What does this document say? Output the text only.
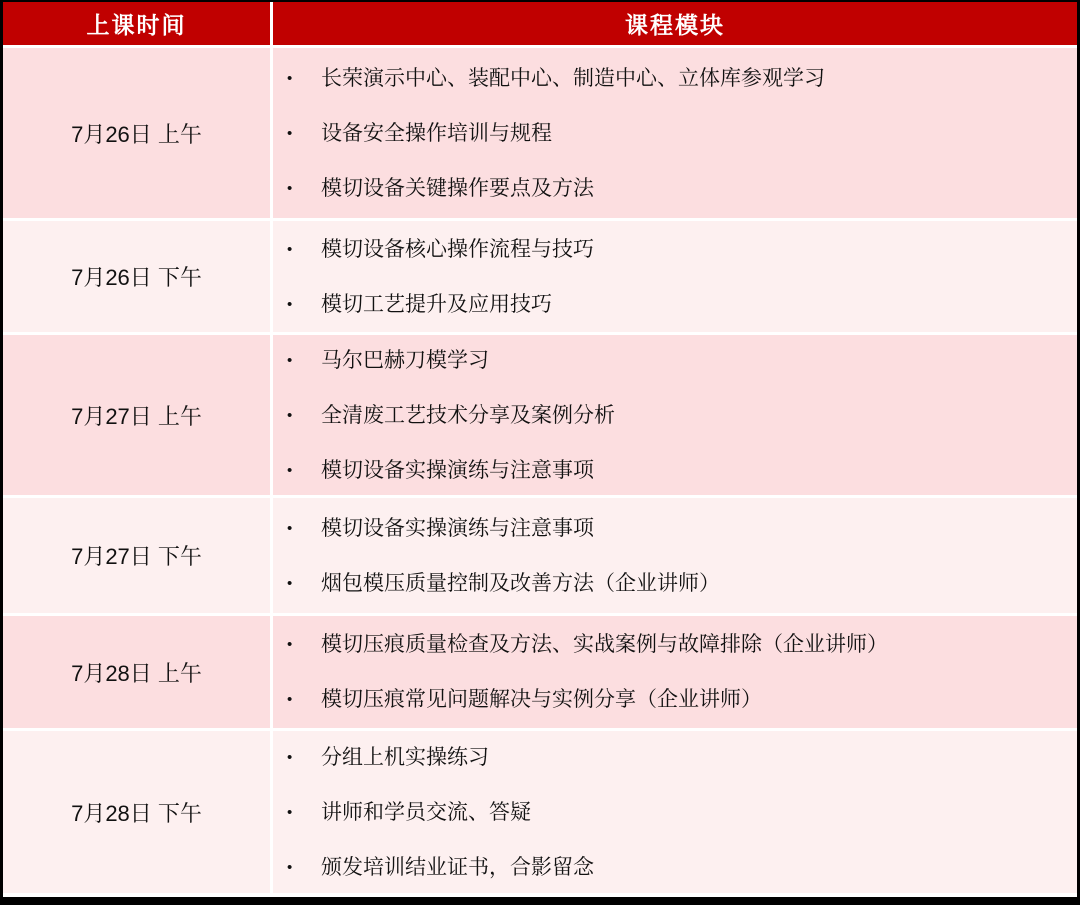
上课时间	课程模块
7月26日 上午
•	长荣演示中心、装配中心、制造中心、立体库参观学习
•	设备安全操作培训与规程
•	模切设备关键操作要点及方法
7月26日 下午
•	模切设备核心操作流程与技巧
•	模切工艺提升及应用技巧
7月27日 上午
•	马尔巴赫刀模学习
•	全清废工艺技术分享及案例分析
•	模切设备实操演练与注意事项
7月27日 下午
•	模切设备实操演练与注意事项
•	烟包模压质量控制及改善方法（企业讲师）
7月28日 上午
•	模切压痕质量检查及方法、实战案例与故障排除（企业讲师）
•	模切压痕常见问题解决与实例分享（企业讲师）
7月28日 下午
•	分组上机实操练习
•	讲师和学员交流、答疑
•	颁发培训结业证书，合影留念
